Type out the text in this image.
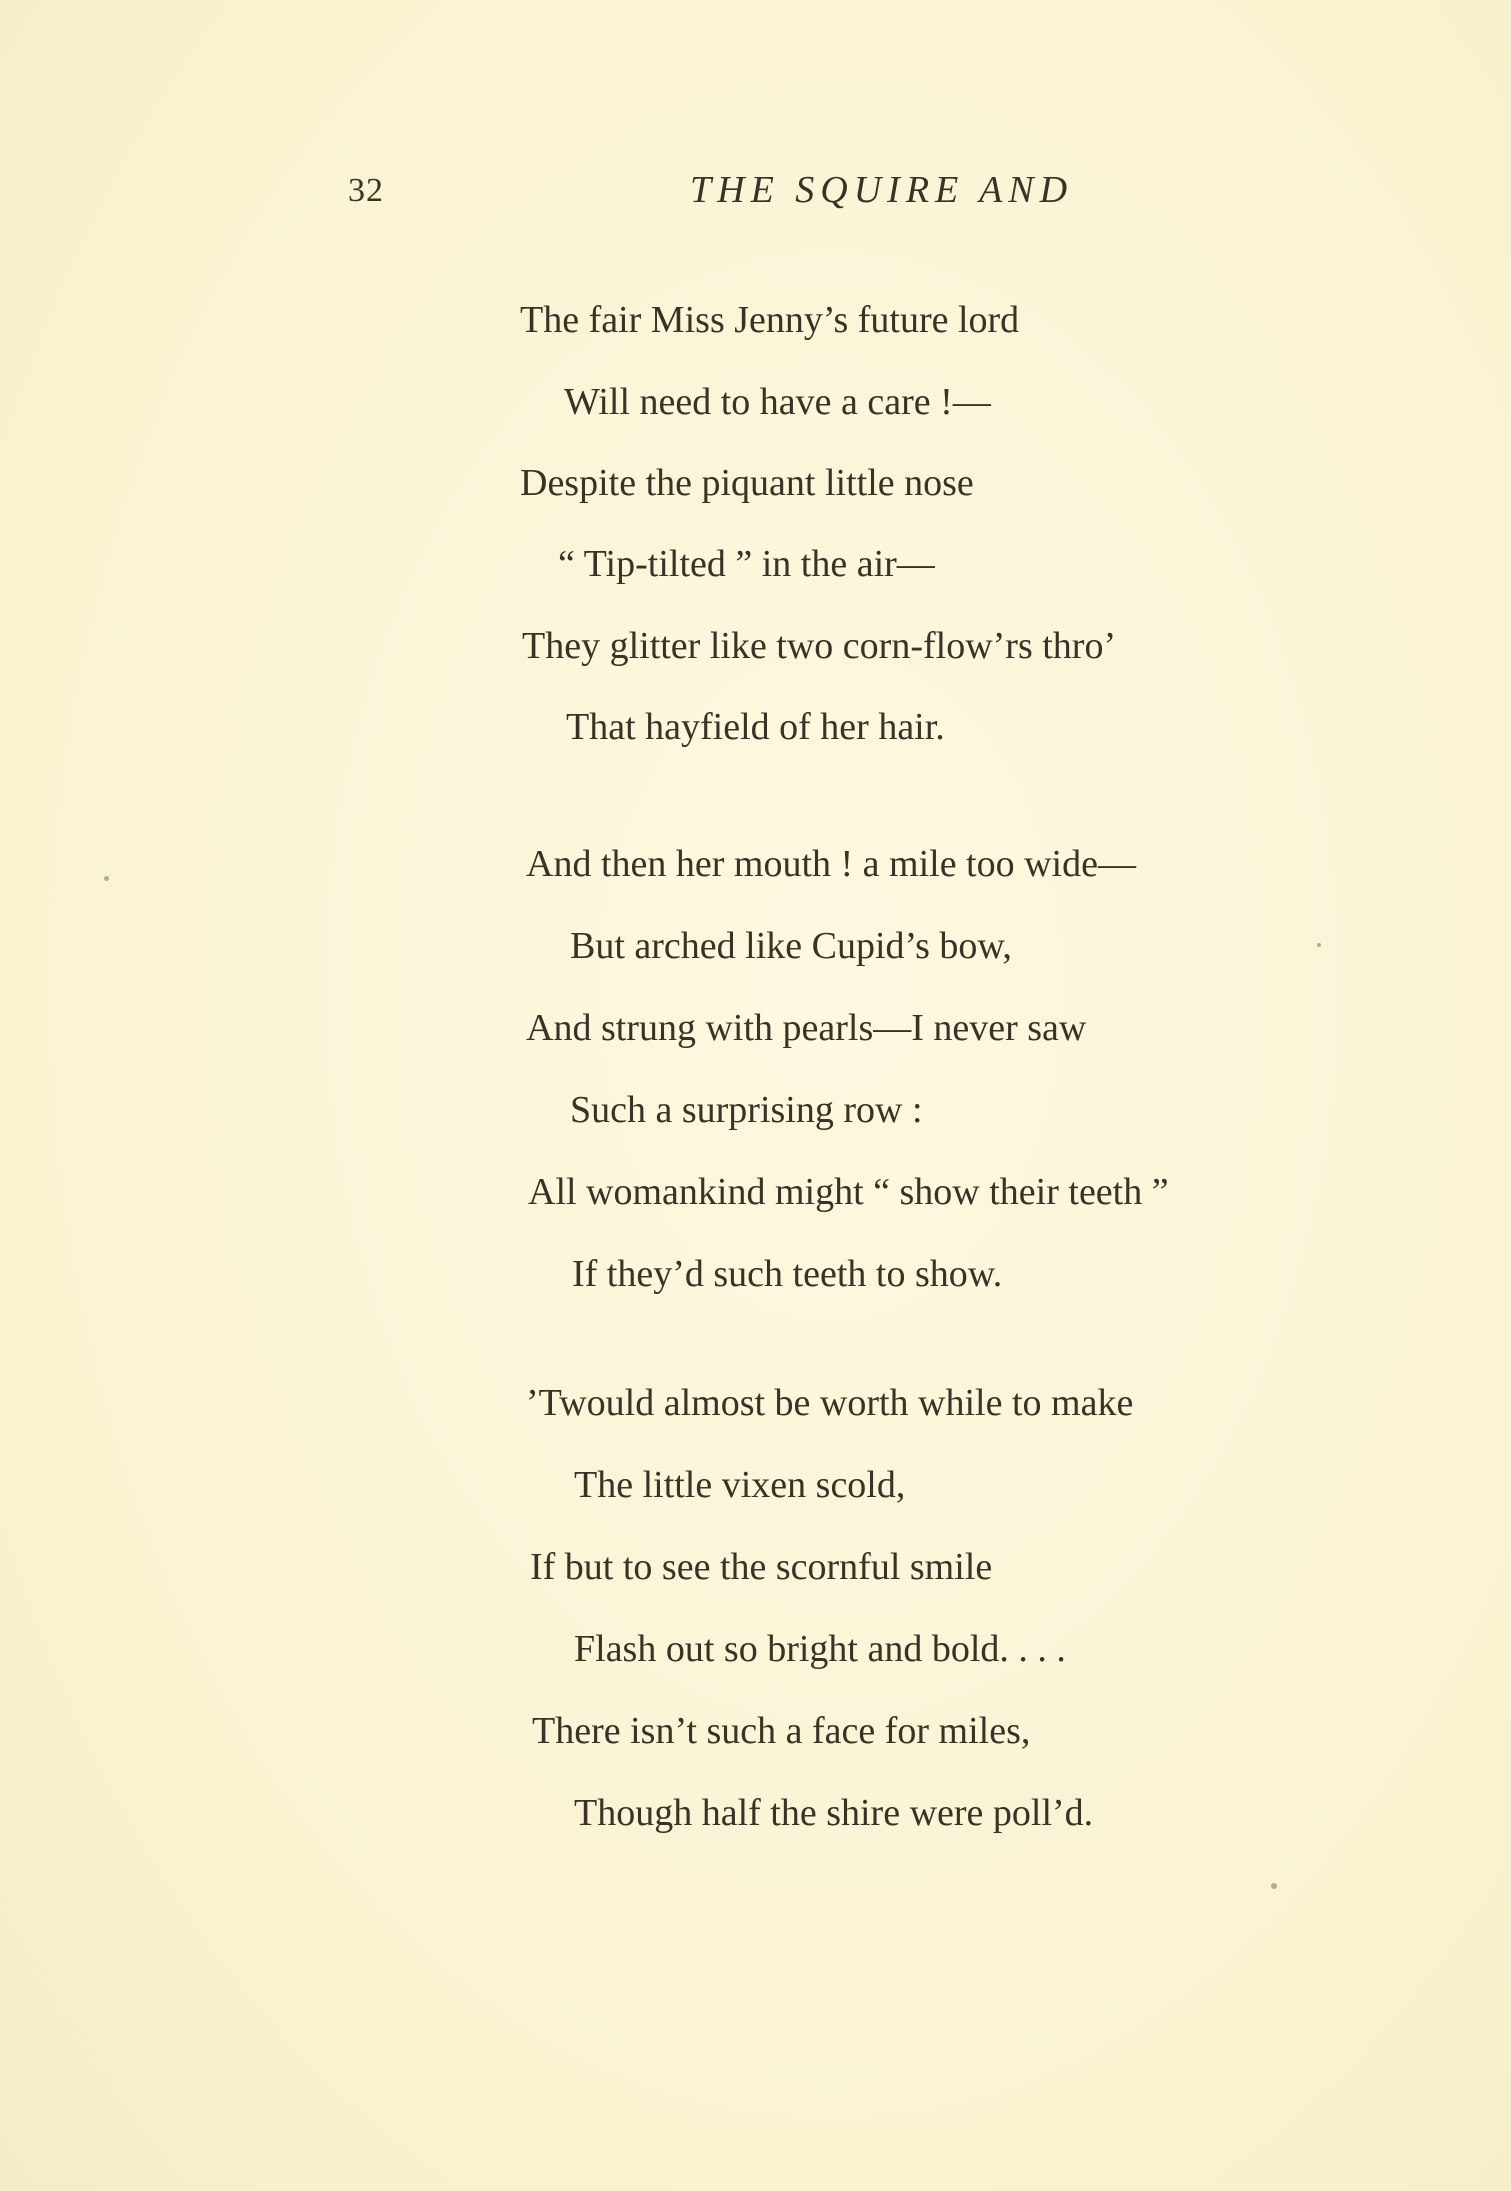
32	THE SQUIRE AND
The fair Miss Jenny’s future lord
Will need to have a care !—
Despite the piquant little nose
“ Tip-tilted ” in the air—
They glitter like two corn-flow’rs thro’
That hayfield of her hair.
And then her mouth ! a mile too wide—
But arched like Cupid’s bow,
And strung with pearls—I never saw
Such a surprising row :
All womankind might “ show their teeth ”
If they’d such teeth to show.
’Twould almost be worth while to make
The little vixen scold,
If but to see the scornful smile
Flash out so bright and bold. . . .
There isn’t such a face for miles,
Though half the shire were poll’d.
